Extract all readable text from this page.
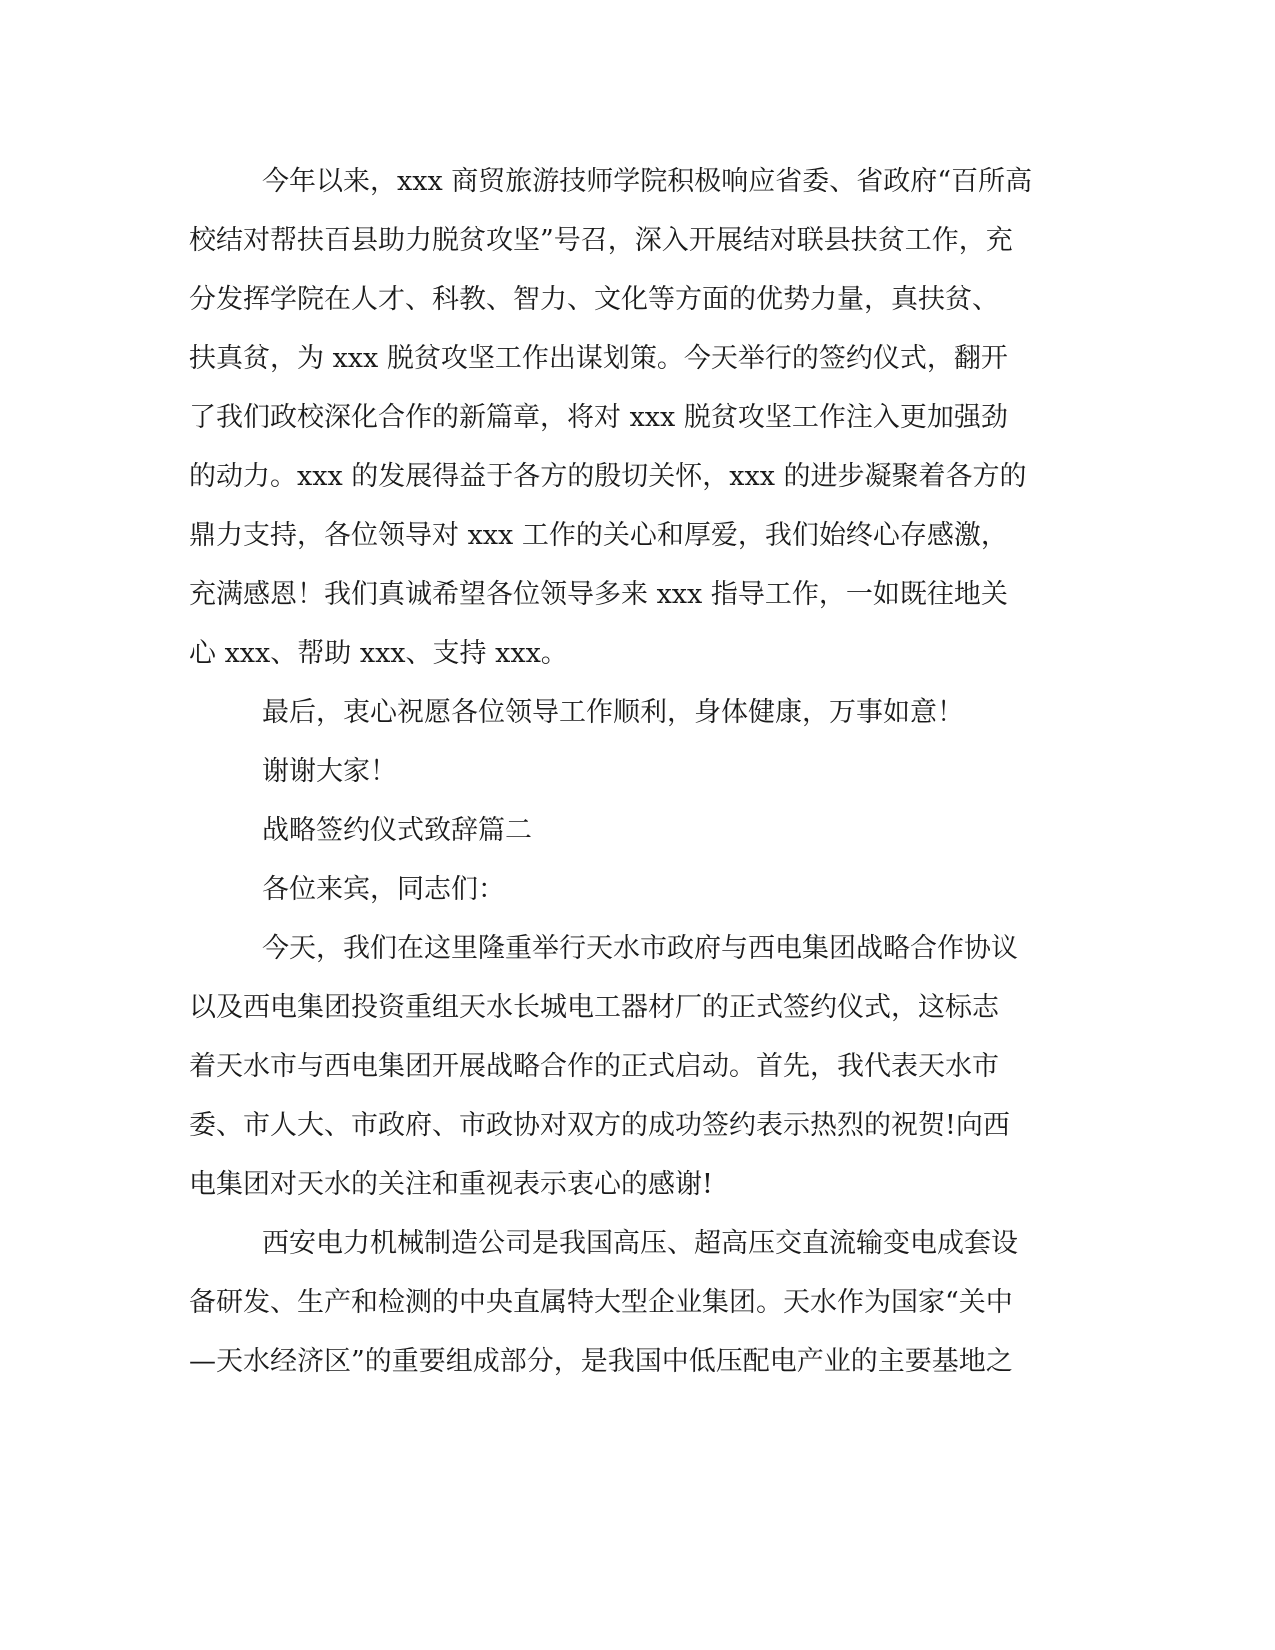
今年以来，xxx 商贸旅游技师学院积极响应省委、省政府“百所高
校结对帮扶百县助力脱贫攻坚”号召，深入开展结对联县扶贫工作，充
分发挥学院在人才、科教、智力、文化等方面的优势力量，真扶贫、
扶真贫，为 xxx 脱贫攻坚工作出谋划策。今天举行的签约仪式，翻开
了我们政校深化合作的新篇章，将对 xxx 脱贫攻坚工作注入更加强劲
的动力。xxx 的发展得益于各方的殷切关怀，xxx 的进步凝聚着各方的
鼎力支持，各位领导对 xxx 工作的关心和厚爱，我们始终心存感激，
充满感恩！我们真诚希望各位领导多来 xxx 指导工作，一如既往地关
心 xxx、帮助 xxx、支持 xxx。
最后，衷心祝愿各位领导工作顺利，身体健康，万事如意！
谢谢大家！
战略签约仪式致辞篇二
各位来宾，同志们：
今天，我们在这里隆重举行天水市政府与西电集团战略合作协议
以及西电集团投资重组天水长城电工器材厂的正式签约仪式，这标志
着天水市与西电集团开展战略合作的正式启动。首先，我代表天水市
委、市人大、市政府、市政协对双方的成功签约表示热烈的祝贺!向西
电集团对天水的关注和重视表示衷心的感谢!
西安电力机械制造公司是我国高压、超高压交直流输变电成套设
备研发、生产和检测的中央直属特大型企业集团。天水作为国家“关中
—天水经济区”的重要组成部分，是我国中低压配电产业的主要基地之
